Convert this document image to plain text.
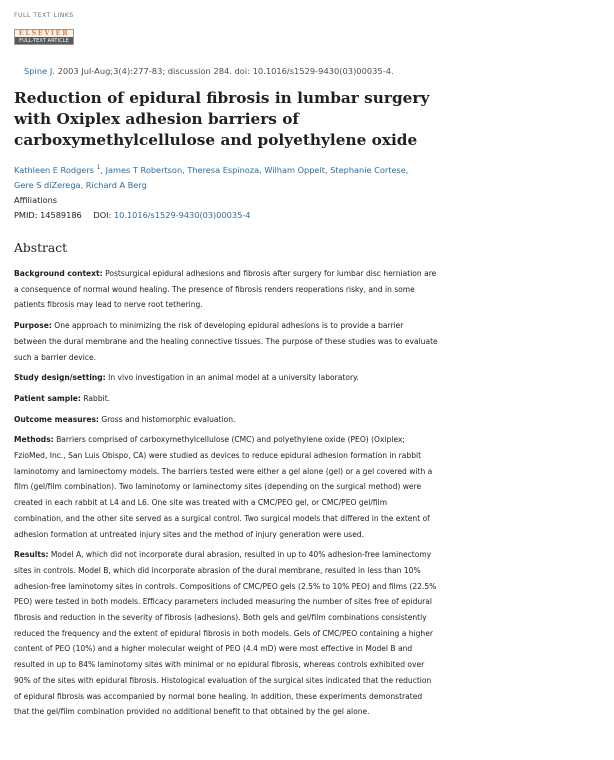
FULL TEXT LINKS
ELSEVIER
FULL-TEXT ARTICLE
Spine J. 2003 Jul-Aug;3(4):277-83; discussion 284. doi: 10.1016/s1529-9430(03)00035-4.
Reduction of epidural fibrosis in lumbar surgery with Oxiplex adhesion barriers of carboxymethylcellulose and polyethylene oxide
Kathleen E Rodgers $^1$, James T Robertson, Theresa Espinoza, Wilham Oppelt, Stephanie Cortese,
Gere S diZerega, Richard A Berg
Affiliations
PMID: 14589186 DOI: 10.1016/s1529-9430(03)00035-4
Abstract

Background context: Postsurgical epidural adhesions and fibrosis after surgery for lumbar disc herniation are a consequence of normal wound healing. The presence of fibrosis renders reoperations risky, and in some patients fibrosis may lead to nerve root tethering.

Purpose: One approach to minimizing the risk of developing epidural adhesions is to provide a barrier between the dural membrane and the healing connective tissues. The purpose of these studies was to evaluate such a barrier device.

Study design/setting: In vivo investigation in an animal model at a university laboratory.

Patient sample: Rabbit.

Outcome measures: Gross and histomorphic evaluation.

Methods: Barriers comprised of carboxymethylcellulose (CMC) and polyethylene oxide (PEO) (Oxiplex; FzioMed, Inc., San Luis Obispo, CA) were studied as devices to reduce epidural adhesion formation in rabbit laminotomy and laminectomy models. The barriers tested were either a gel alone (gel) or a gel covered with a film (gel/film combination). Two laminotomy or laminectomy sites (depending on the surgical method) were created in each rabbit at L4 and L6. One site was treated with a CMC/PEO gel, or CMC/PEO gel/film combination, and the other site served as a surgical control. Two surgical models that differed in the extent of adhesion formation at untreated injury sites and the method of injury generation were used.

Results: Model A, which did not incorporate dural abrasion, resulted in up to 40% adhesion-free laminectomy sites in controls. Model B, which did incorporate abrasion of the dural membrane, resulted in less than 10% adhesion-free laminotomy sites in controls. Compositions of CMC/PEO gels (2.5% to 10% PEO) and films (22.5% PEO) were tested in both models. Efficacy parameters included measuring the number of sites free of epidural fibrosis and reduction in the severity of fibrosis (adhesions). Both gels and gel/film combinations consistently reduced the frequency and the extent of epidural fibrosis in both models. Gels of CMC/PEO containing a higher content of PEO (10%) and a higher molecular weight of PEO (4.4 mD) were most effective in Model B and resulted in up to 84% laminotomy sites with minimal or no epidural fibrosis, whereas controls exhibited over 90% of the sites with epidural fibrosis. Histological evaluation of the surgical sites indicated that the reduction of epidural fibrosis was accompanied by normal bone healing. In addition, these experiments demonstrated that the gel/film combination provided no additional benefit to that obtained by the gel alone.
